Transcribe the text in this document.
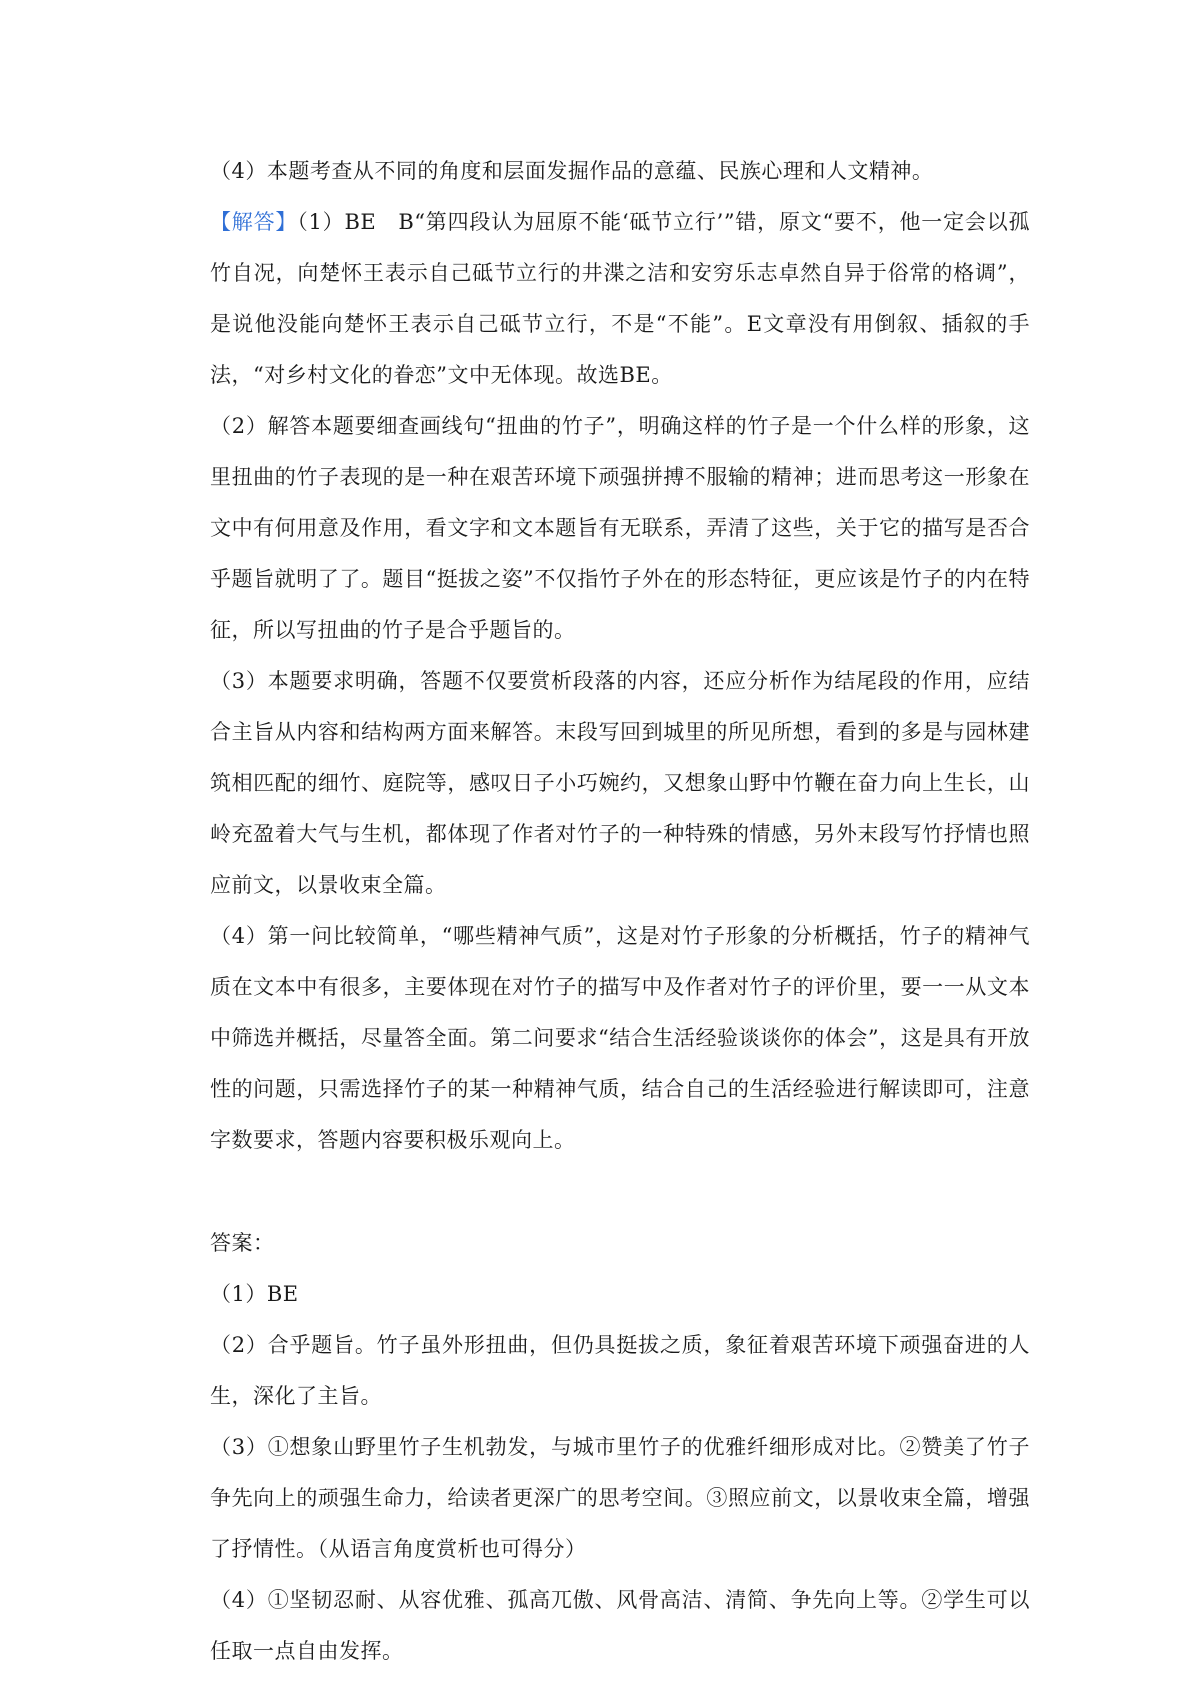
（4）本题考查从不同的角度和层面发掘作品的意蕴、民族心理和人文精神。

【解答】（1）BE　B“第四段认为屈原不能‘砥节立行’”错，原文“要不，他一定会以孤竹自况，向楚怀王表示自己砥节立行的井渫之洁和安穷乐志卓然自异于俗常的格调”，是说他没能向楚怀王表示自己砥节立行，不是“不能”。E文章没有用倒叙、插叙的手法，“对乡村文化的眷恋”文中无体现。故选BE。

（2）解答本题要细查画线句“扭曲的竹子”，明确这样的竹子是一个什么样的形象，这里扭曲的竹子表现的是一种在艰苦环境下顽强拼搏不服输的精神；进而思考这一形象在文中有何用意及作用，看文字和文本题旨有无联系，弄清了这些，关于它的描写是否合乎题旨就明了了。题目“挺拔之姿”不仅指竹子外在的形态特征，更应该是竹子的内在特征，所以写扭曲的竹子是合乎题旨的。

（3）本题要求明确，答题不仅要赏析段落的内容，还应分析作为结尾段的作用，应结合主旨从内容和结构两方面来解答。末段写回到城里的所见所想，看到的多是与园林建筑相匹配的细竹、庭院等，感叹日子小巧婉约，又想象山野中竹鞭在奋力向上生长，山岭充盈着大气与生机，都体现了作者对竹子的一种特殊的情感，另外末段写竹抒情也照应前文，以景收束全篇。

（4）第一问比较简单，“哪些精神气质”，这是对竹子形象的分析概括，竹子的精神气质在文本中有很多，主要体现在对竹子的描写中及作者对竹子的评价里，要一一从文本中筛选并概括，尽量答全面。第二问要求“结合生活经验谈谈你的体会”，这是具有开放性的问题，只需选择竹子的某一种精神气质，结合自己的生活经验进行解读即可，注意字数要求，答题内容要积极乐观向上。

答案：

（1）BE

（2）合乎题旨。竹子虽外形扭曲，但仍具挺拔之质，象征着艰苦环境下顽强奋进的人生，深化了主旨。

（3）①想象山野里竹子生机勃发，与城市里竹子的优雅纤细形成对比。②赞美了竹子争先向上的顽强生命力，给读者更深广的思考空间。③照应前文，以景收束全篇，增强了抒情性。（从语言角度赏析也可得分）

（4）①坚韧忍耐、从容优雅、孤高兀傲、风骨高洁、清简、争先向上等。②学生可以任取一点自由发挥。
